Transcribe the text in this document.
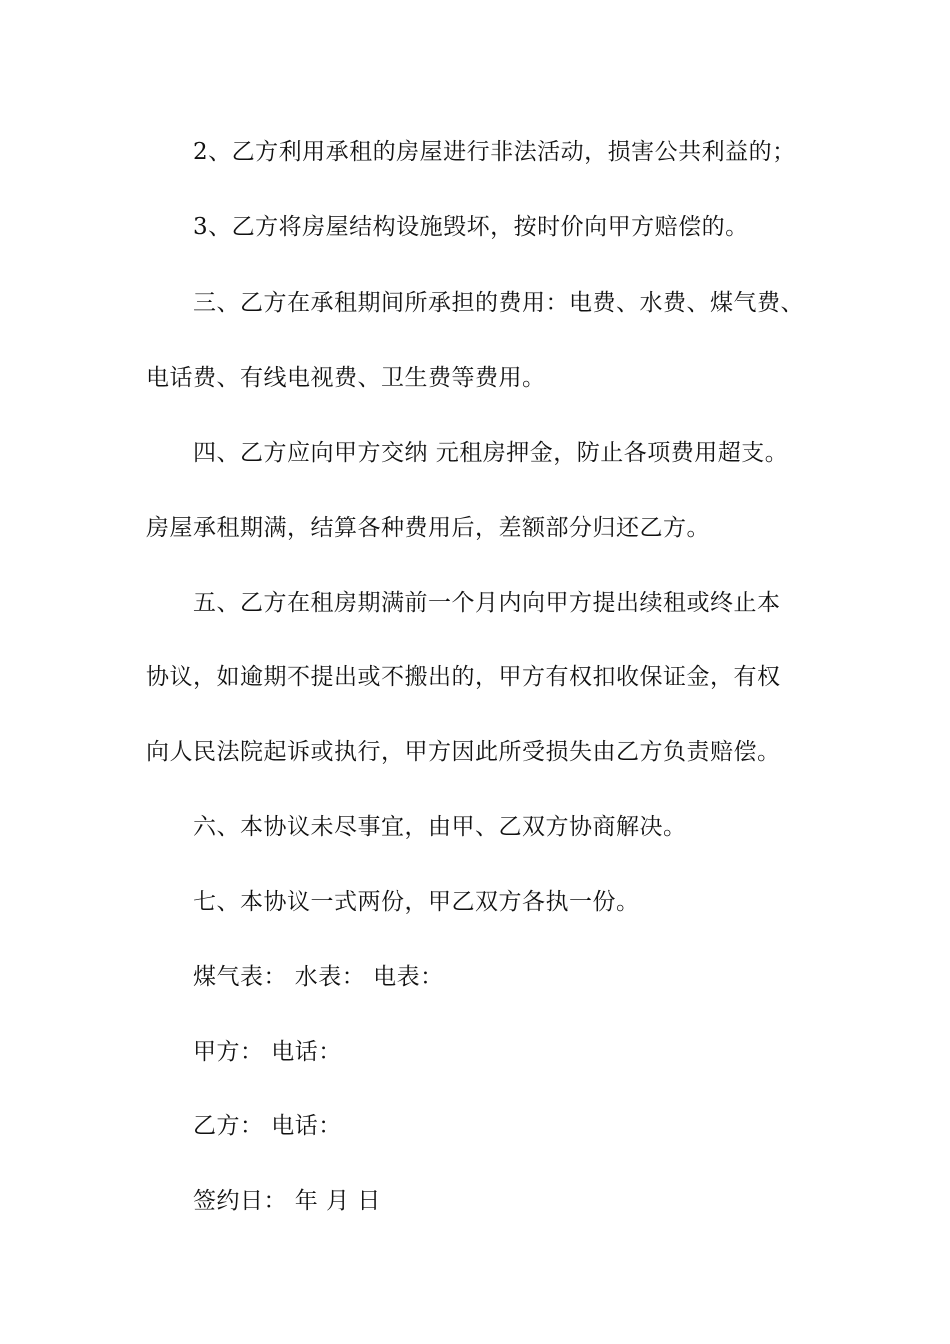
2、乙方利用承租的房屋进行非法活动，损害公共利益的；
3、乙方将房屋结构设施毁坏，按时价向甲方赔偿的。
三、乙方在承租期间所承担的费用：电费、水费、煤气费、
电话费、有线电视费、卫生费等费用。
四、乙方应向甲方交纳 元租房押金，防止各项费用超支。
房屋承租期满，结算各种费用后，差额部分归还乙方。
五、乙方在租房期满前一个月内向甲方提出续租或终止本
协议，如逾期不提出或不搬出的，甲方有权扣收保证金，有权
向人民法院起诉或执行，甲方因此所受损失由乙方负责赔偿。
六、本协议未尽事宜，由甲、乙双方协商解决。
七、本协议一式两份，甲乙双方各执一份。
煤气表： 水表： 电表：
甲方： 电话：
乙方： 电话：
签约日： 年 月 日
